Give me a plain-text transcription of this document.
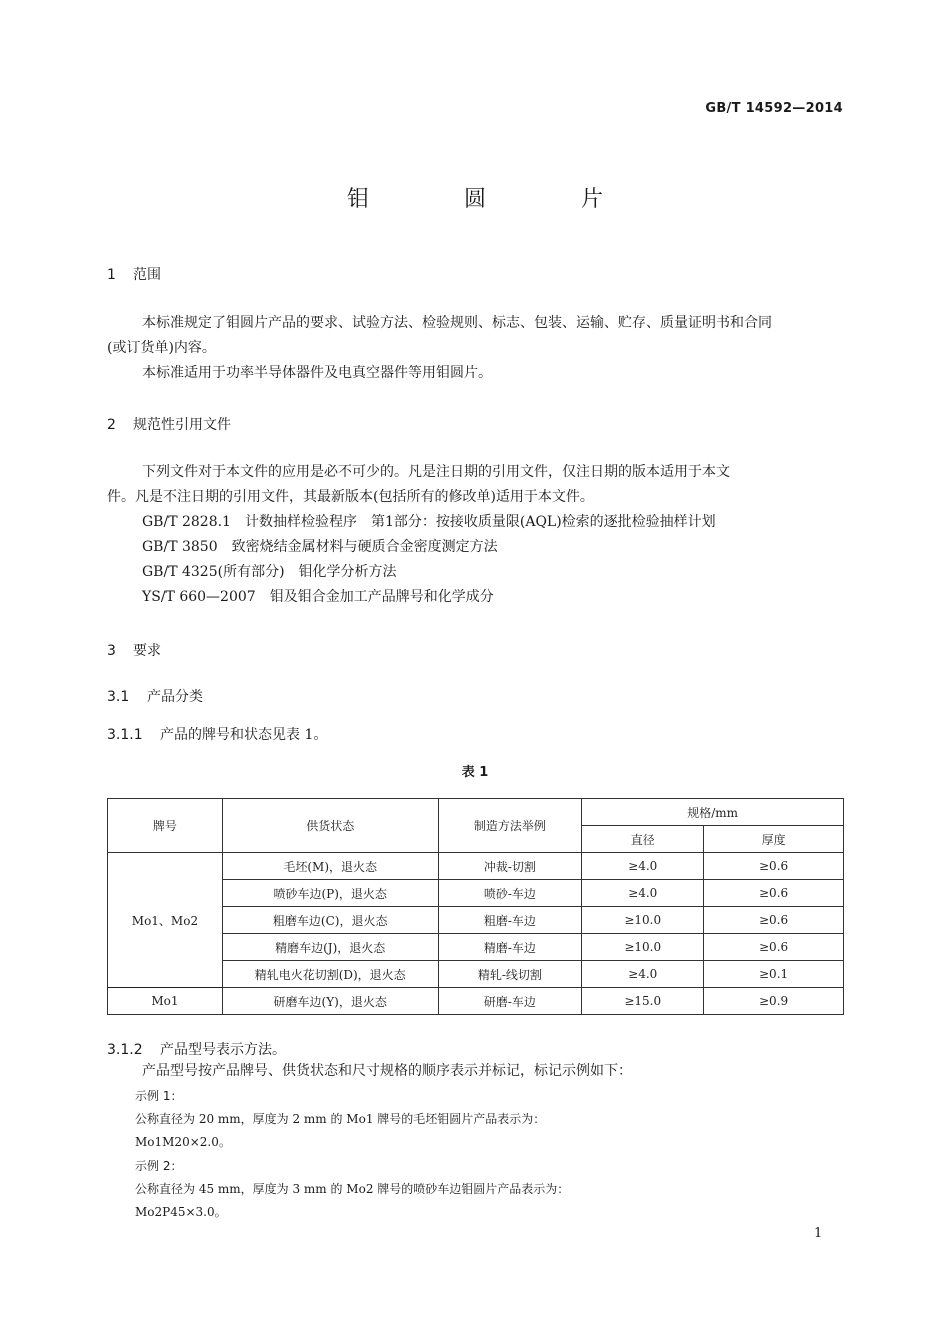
GB/T 14592—2014
钼 圆 片
1 范围
本标准规定了钼圆片产品的要求、试验方法、检验规则、标志、包装、运输、贮存、质量证明书和合同
(或订货单)内容。
本标准适用于功率半导体器件及电真空器件等用钼圆片。
2 规范性引用文件
下列文件对于本文件的应用是必不可少的。凡是注日期的引用文件，仅注日期的版本适用于本文
件。凡是不注日期的引用文件，其最新版本(包括所有的修改单)适用于本文件。
GB/T 2828.1 计数抽样检验程序　第1部分：按接收质量限(AQL)检索的逐批检验抽样计划
GB/T 3850 致密烧结金属材料与硬质合金密度测定方法
GB/T 4325(所有部分) 钼化学分析方法
YS/T 660—2007 钼及钼合金加工产品牌号和化学成分
3 要求
3.1 产品分类
3.1.1 产品的牌号和状态见表 1。
表 1
牌号	供货状态	制造方法举例	规格/mm	
			直径	厚度
Mo1、Mo2	毛坯(M)，退火态	冲裁-切割	≥4.0	≥0.6
	喷砂车边(P)，退火态	喷砂-车边	≥4.0	≥0.6
	粗磨车边(C)，退火态	粗磨-车边	≥10.0	≥0.6
	精磨车边(J)，退火态	精磨-车边	≥10.0	≥0.6
	精轧电火花切割(D)，退火态	精轧-线切割	≥4.0	≥0.1
Mo1	研磨车边(Y)，退火态	研磨-车边	≥15.0	≥0.9
3.1.2 产品型号表示方法。
产品型号按产品牌号、供货状态和尺寸规格的顺序表示并标记，标记示例如下：
示例 1：
公称直径为 20 mm，厚度为 2 mm 的 Mo1 牌号的毛坯钼圆片产品表示为：
Mo1M20×2.0。
示例 2：
公称直径为 45 mm，厚度为 3 mm 的 Mo2 牌号的喷砂车边钼圆片产品表示为：
Mo2P45×3.0。
1
